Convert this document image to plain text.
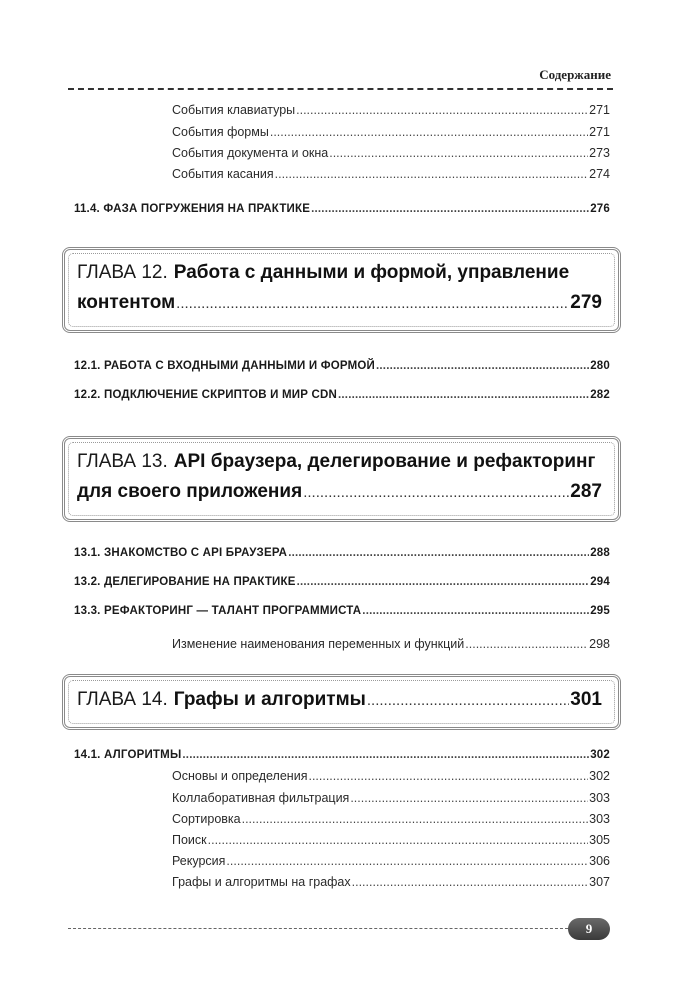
Содержание
События клавиатуры .....	271
События формы .....	271
События документа и окна .....	273
События касания .....	274
11.4. ФАЗА ПОГРУЖЕНИЯ НА ПРАКТИКЕ .....	276
ГЛАВА 12. Работа с данными и формой, управление
контентом .....	279
12.1. РАБОТА С ВХОДНЫМИ ДАННЫМИ И ФОРМОЙ .....	280
12.2. ПОДКЛЮЧЕНИЕ СКРИПТОВ И МИР CDN .....	282
ГЛАВА 13. API браузера, делегирование и рефакторинг
для своего приложения .....	287
13.1. ЗНАКОМСТВО С API БРАУЗЕРА .....	288
13.2. ДЕЛЕГИРОВАНИЕ НА ПРАКТИКЕ .....	294
13.3. РЕФАКТОРИНГ — ТАЛАНТ ПРОГРАММИСТА .....	295
Изменение наименования переменных и функций .....	298
ГЛАВА 14. Графы и алгоритмы .....	301
14.1. АЛГОРИТМЫ .....	302
Основы и определения .....	302
Коллаборативная фильтрация .....	303
Сортировка .....	303
Поиск .....	305
Рекурсия .....	306
Графы и алгоритмы на графах .....	307
9
